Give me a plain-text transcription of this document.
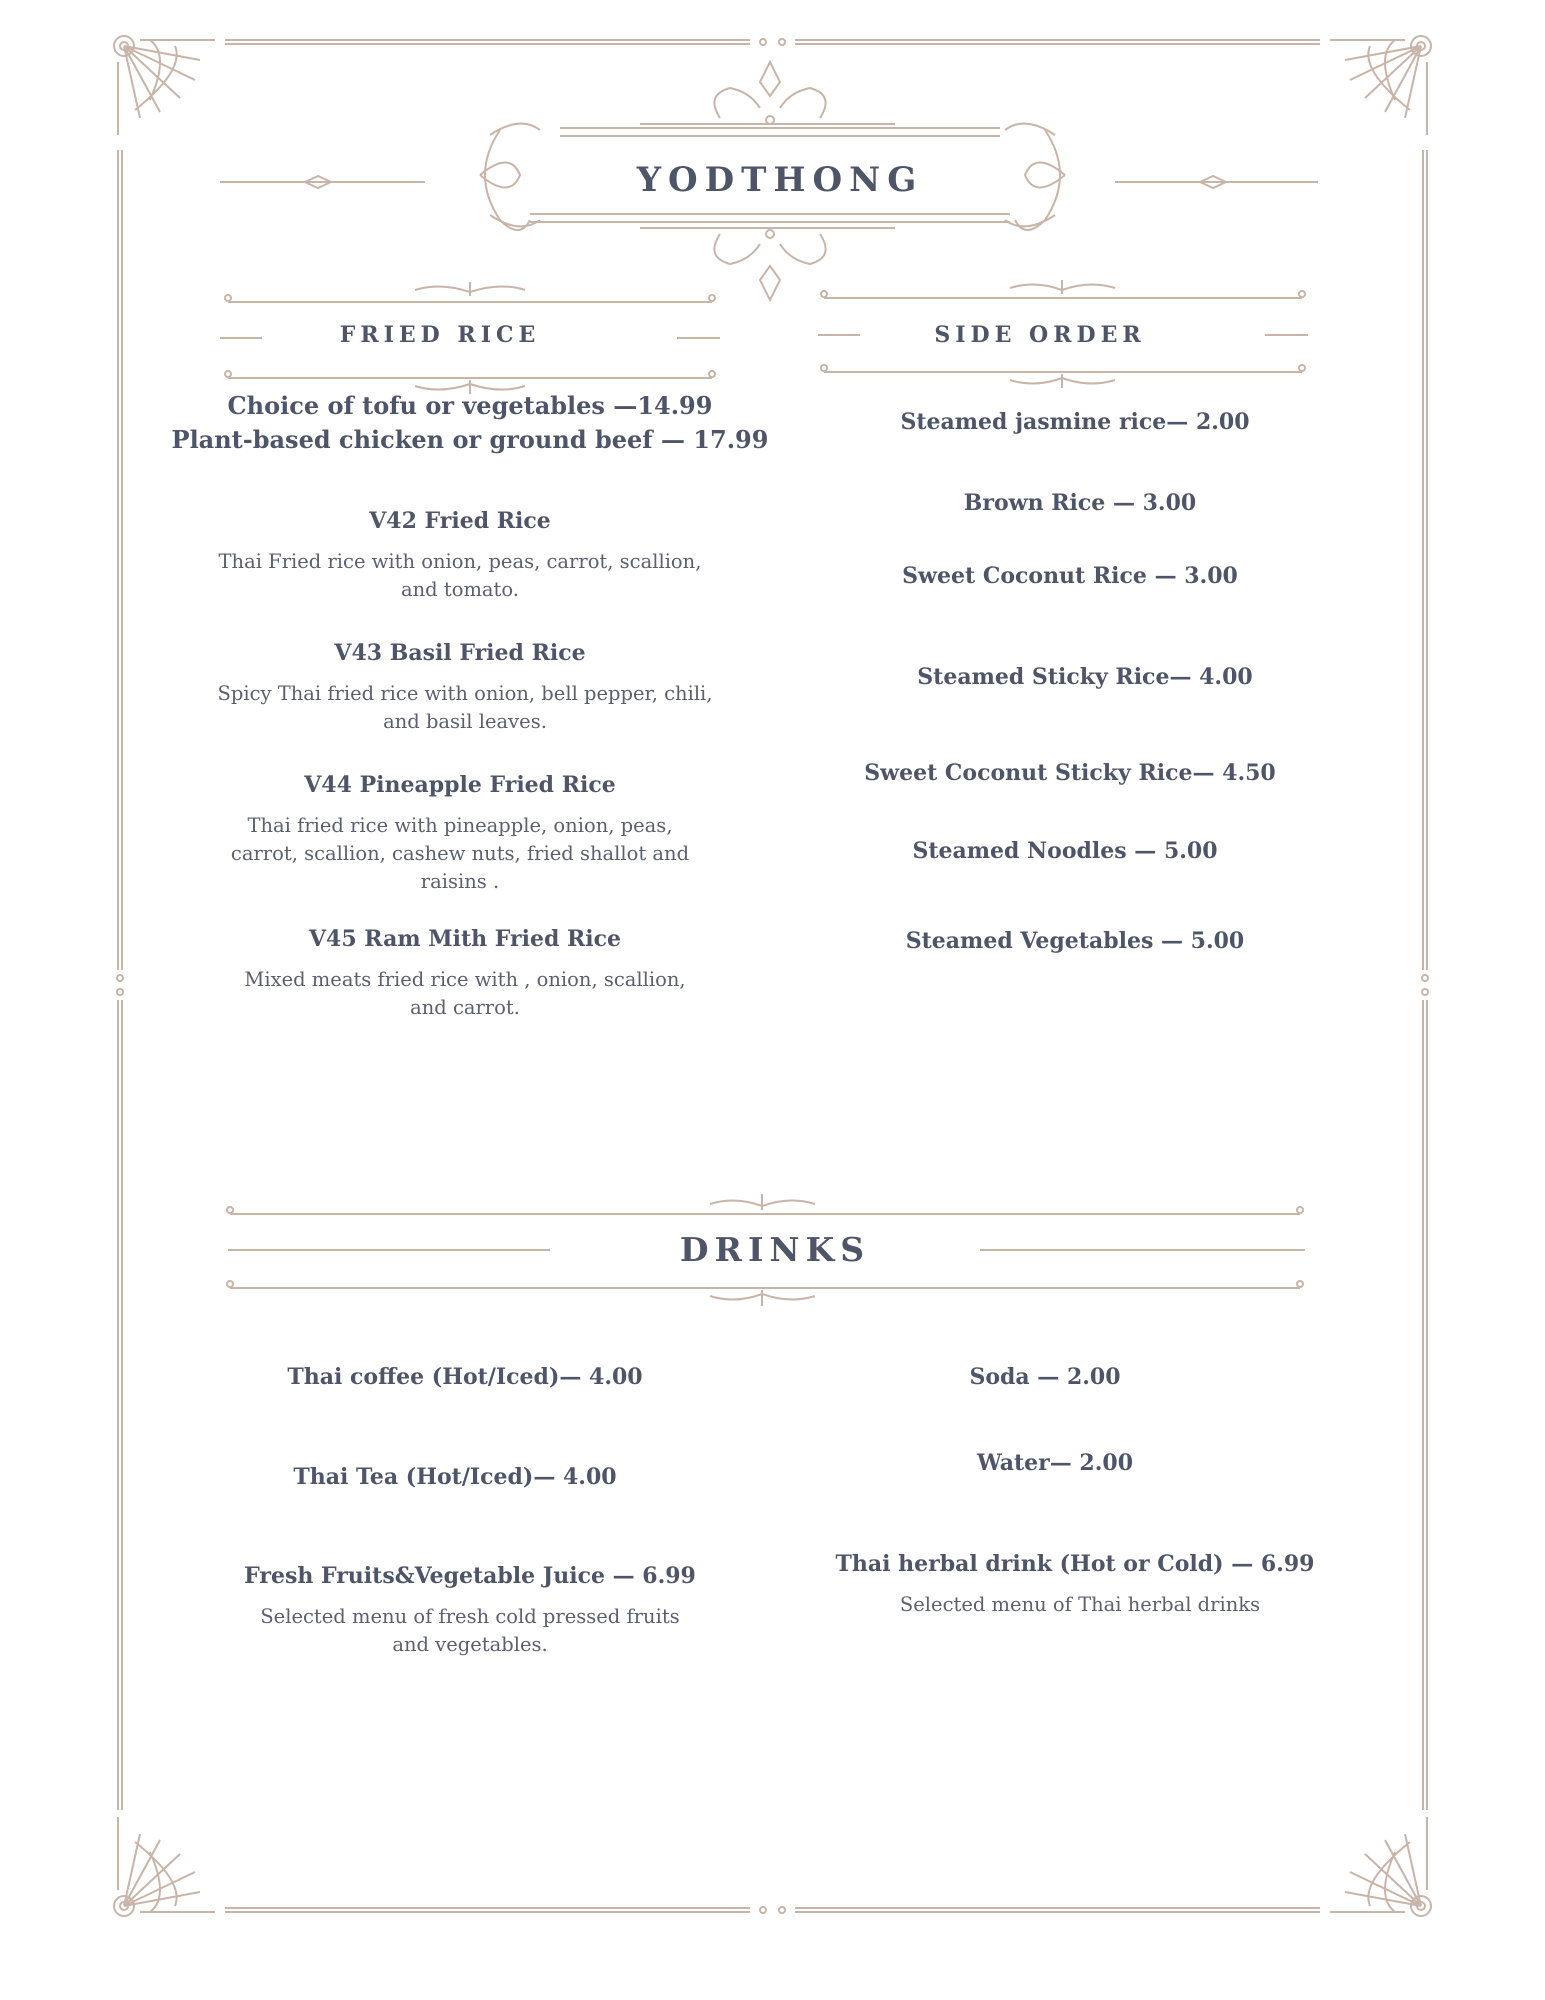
YODTHONG
FRIED RICE
Choice of tofu or vegetables —14.99
Plant-based chicken or ground beef — 17.99
V42 Fried Rice
Thai Fried rice with onion, peas, carrot, scallion, and tomato.
V43 Basil Fried Rice
Spicy Thai fried rice with onion, bell pepper, chili, and basil leaves.
V44 Pineapple Fried Rice
Thai fried rice with pineapple, onion, peas, carrot, scallion, cashew nuts, fried shallot and raisins .
V45 Ram Mith Fried Rice
Mixed meats fried rice with , onion, scallion, and carrot.
SIDE ORDER
Steamed jasmine rice— 2.00
Brown Rice — 3.00
Sweet Coconut Rice — 3.00
Steamed Sticky Rice— 4.00
Sweet Coconut Sticky Rice— 4.50
Steamed Noodles — 5.00
Steamed Vegetables — 5.00
DRINKS
Thai coffee (Hot/Iced)— 4.00
Thai Tea (Hot/Iced)— 4.00
Fresh Fruits&Vegetable Juice — 6.99
Selected menu of fresh cold pressed fruits and vegetables.
Soda — 2.00
Water— 2.00
Thai herbal drink (Hot or Cold) — 6.99
Selected menu of Thai herbal drinks
